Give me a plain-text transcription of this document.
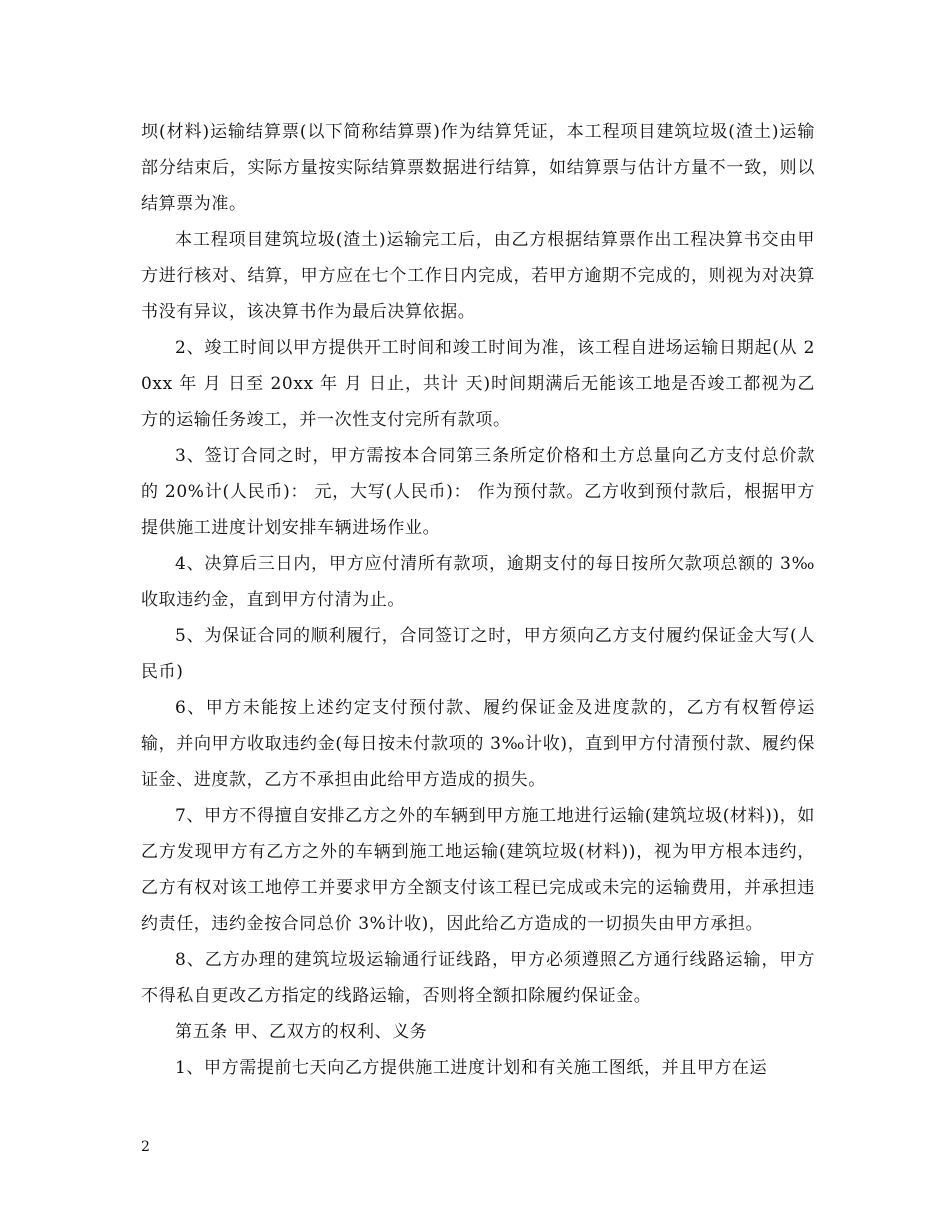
坝(材料)运输结算票(以下简称结算票)作为结算凭证，本工程项目建筑垃圾(渣土)运输部分结束后，实际方量按实际结算票数据进行结算，如结算票与估计方量不一致，则以结算票为准。

本工程项目建筑垃圾(渣土)运输完工后，由乙方根据结算票作出工程决算书交由甲方进行核对、结算，甲方应在七个工作日内完成，若甲方逾期不完成的，则视为对决算书没有异议，该决算书作为最后决算依据。

2、竣工时间以甲方提供开工时间和竣工时间为准，该工程自进场运输日期起(从 20xx 年 月 日至 20xx 年 月 日止，共计 天)时间期满后无能该工地是否竣工都视为乙方的运输任务竣工，并一次性支付完所有款项。

3、签订合同之时，甲方需按本合同第三条所定价格和土方总量向乙方支付总价款的 20%计(人民币)： 元，大写(人民币)： 作为预付款。乙方收到预付款后，根据甲方提供施工进度计划安排车辆进场作业。

4、决算后三日内，甲方应付清所有款项，逾期支付的每日按所欠款项总额的 3‰收取违约金，直到甲方付清为止。

5、为保证合同的顺利履行，合同签订之时，甲方须向乙方支付履约保证金大写(人民币)

6、甲方未能按上述约定支付预付款、履约保证金及进度款的，乙方有权暂停运输，并向甲方收取违约金(每日按未付款项的 3‰计收)，直到甲方付清预付款、履约保证金、进度款，乙方不承担由此给甲方造成的损失。

7、甲方不得擅自安排乙方之外的车辆到甲方施工地进行运输(建筑垃圾(材料))，如乙方发现甲方有乙方之外的车辆到施工地运输(建筑垃圾(材料))，视为甲方根本违约，乙方有权对该工地停工并要求甲方全额支付该工程已完成或未完的运输费用，并承担违约责任，违约金按合同总价 3%计收)，因此给乙方造成的一切损失由甲方承担。

8、乙方办理的建筑垃圾运输通行证线路，甲方必须遵照乙方通行线路运输，甲方不得私自更改乙方指定的线路运输，否则将全额扣除履约保证金。

第五条 甲、乙双方的权利、义务

1、甲方需提前七天向乙方提供施工进度计划和有关施工图纸，并且甲方在运

2
